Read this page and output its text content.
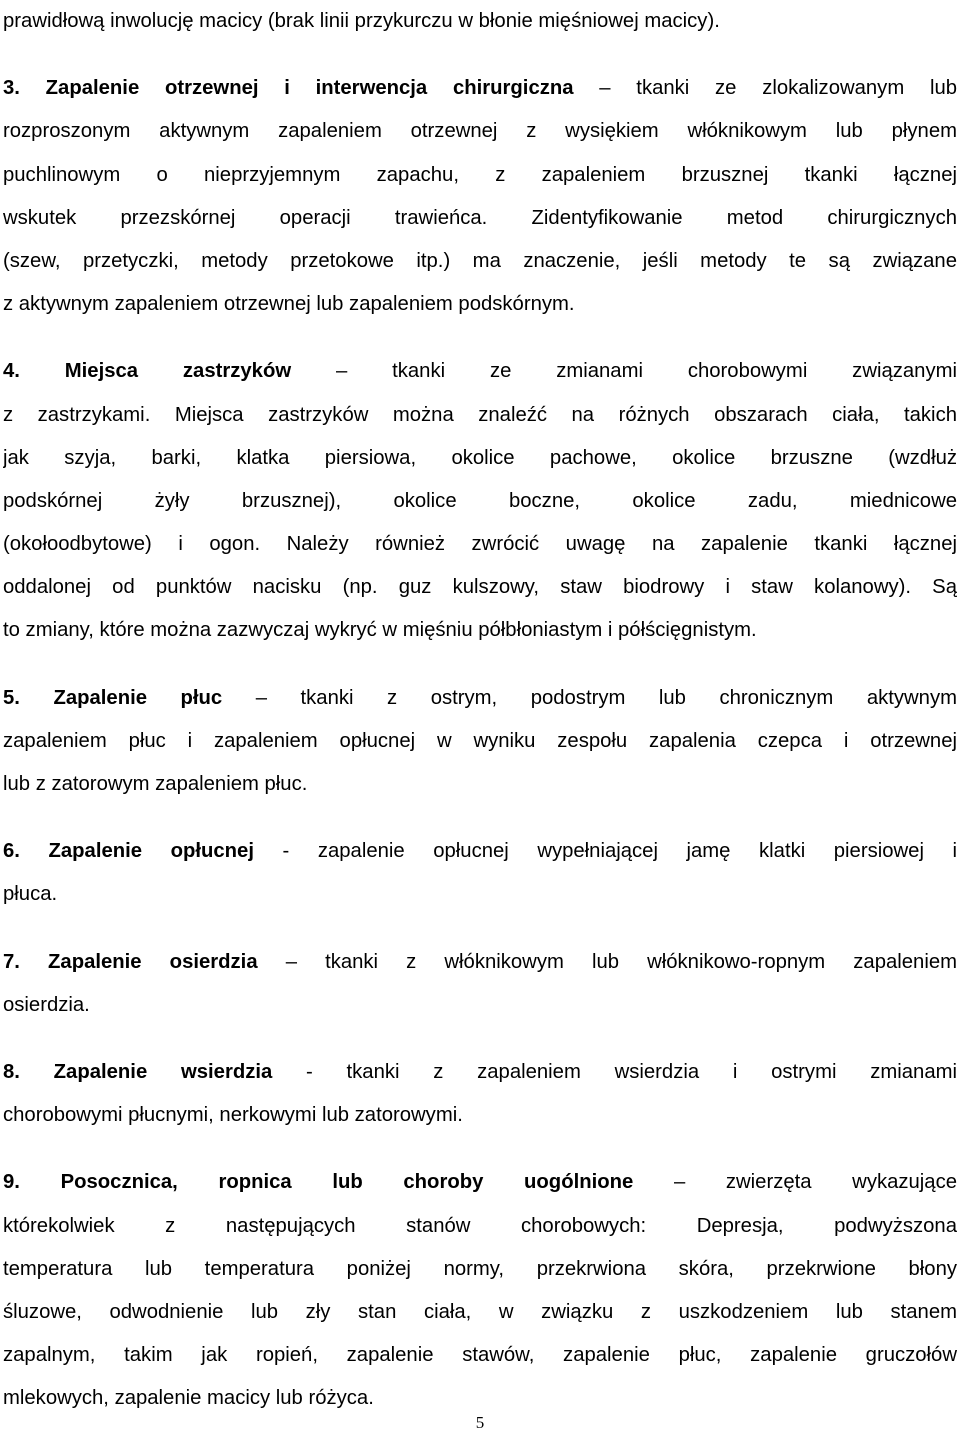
prawidłową inwolucję macicy (brak linii przykurczu w błonie mięśniowej macicy).
3. Zapalenie otrzewnej i interwencja chirurgiczna – tkanki ze zlokalizowanym lub
rozproszonym aktywnym zapaleniem otrzewnej z wysiękiem włóknikowym lub płynem
puchlinowym o nieprzyjemnym zapachu, z zapaleniem brzusznej tkanki łącznej
wskutek przezskórnej operacji trawieńca. Zidentyfikowanie metod chirurgicznych
(szew, przetyczki, metody przetokowe itp.) ma znaczenie, jeśli metody te są związane
z aktywnym zapaleniem otrzewnej lub zapaleniem podskórnym.
4. Miejsca zastrzyków – tkanki ze zmianami chorobowymi związanymi
z zastrzykami. Miejsca zastrzyków można znaleźć na różnych obszarach ciała, takich
jak szyja, barki, klatka piersiowa, okolice pachowe, okolice brzuszne (wzdłuż
podskórnej żyły brzusznej), okolice boczne, okolice zadu, miednicowe
(okołoodbytowe) i ogon. Należy również zwrócić uwagę na zapalenie tkanki łącznej
oddalonej od punktów nacisku (np. guz kulszowy, staw biodrowy i staw kolanowy). Są
to zmiany, które można zazwyczaj wykryć w mięśniu półbłoniastym i półścięgnistym.
5. Zapalenie płuc – tkanki z ostrym, podostrym lub chronicznym aktywnym
zapaleniem płuc i zapaleniem opłucnej w wyniku zespołu zapalenia czepca i otrzewnej
lub z zatorowym zapaleniem płuc.
6. Zapalenie opłucnej - zapalenie opłucnej wypełniającej jamę klatki piersiowej i
płuca.
7. Zapalenie osierdzia – tkanki z włóknikowym lub włóknikowo-ropnym zapaleniem
osierdzia.
8. Zapalenie wsierdzia - tkanki z zapaleniem wsierdzia i ostrymi zmianami
chorobowymi płucnymi, nerkowymi lub zatorowymi.
9. Posocznica, ropnica lub choroby uogólnione – zwierzęta wykazujące
którekolwiek z następujących stanów chorobowych: Depresja, podwyższona
temperatura lub temperatura poniżej normy, przekrwiona skóra, przekrwione błony
śluzowe, odwodnienie lub zły stan ciała, w związku z uszkodzeniem lub stanem
zapalnym, takim jak ropień, zapalenie stawów, zapalenie płuc, zapalenie gruczołów
mlekowych, zapalenie macicy lub różyca.
5
